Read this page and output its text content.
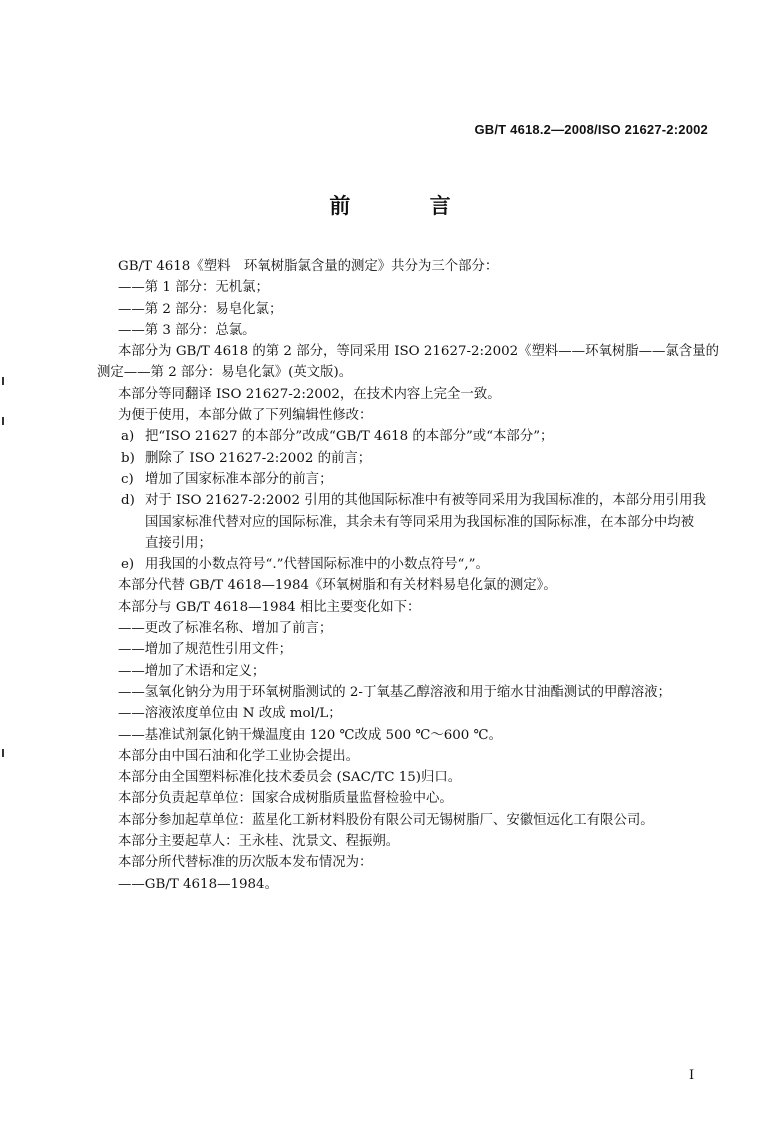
GB/T 4618.2—2008/ISO 21627-2:2002
前 言

GB/T 4618《塑料　环氧树脂氯含量的测定》共分为三个部分：

——第 1 部分：无机氯；

——第 2 部分：易皂化氯；

——第 3 部分：总氯。

本部分为 GB/T 4618 的第 2 部分，等同采用 ISO 21627-2:2002《塑料——环氧树脂——氯含量的

测定——第 2 部分：易皂化氯》(英文版)。

本部分等同翻译 ISO 21627-2:2002，在技术内容上完全一致。

为便于使用，本部分做了下列编辑性修改：

a) 把“ISO 21627 的本部分”改成“GB/T 4618 的本部分”或“本部分”；
b) 删除了 ISO 21627-2:2002 的前言；
c) 增加了国家标准本部分的前言；
d) 对于 ISO 21627-2:2002 引用的其他国际标准中有被等同采用为我国标准的，本部分用引用我
国国家标准代替对应的国际标准，其余未有等同采用为我国标准的国际标准，在本部分中均被
直接引用；
e) 用我国的小数点符号“.”代替国际标准中的小数点符号“,”。

本部分代替 GB/T 4618—1984《环氧树脂和有关材料易皂化氯的测定》。

本部分与 GB/T 4618—1984 相比主要变化如下：

——更改了标准名称、增加了前言；

——增加了规范性引用文件；

——增加了术语和定义；

——氢氧化钠分为用于环氧树脂测试的 2-丁氧基乙醇溶液和用于缩水甘油酯测试的甲醇溶液；

——溶液浓度单位由 N 改成 mol/L；

——基准试剂氯化钠干燥温度由 120 ℃改成 500 ℃～600 ℃。

本部分由中国石油和化学工业协会提出。

本部分由全国塑料标准化技术委员会 (SAC/TC 15)归口。

本部分负责起草单位：国家合成树脂质量监督检验中心。

本部分参加起草单位：蓝星化工新材料股份有限公司无锡树脂厂、安徽恒远化工有限公司。

本部分主要起草人：王永桂、沈景文、程振朔。

本部分所代替标准的历次版本发布情况为：

——GB/T 4618—1984。

I
